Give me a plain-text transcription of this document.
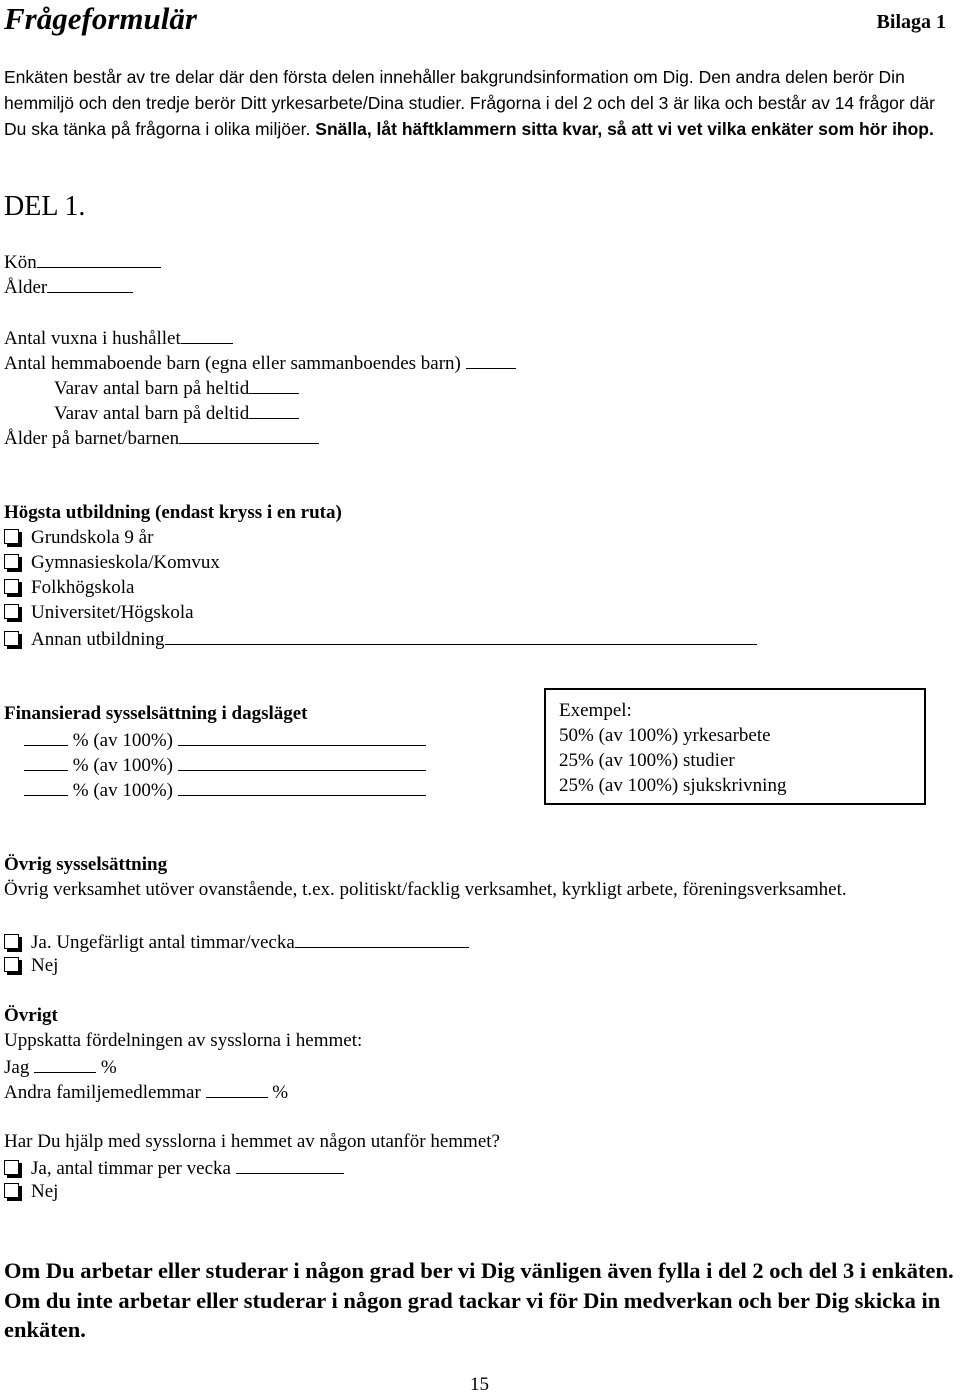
Frågeformulär	Bilaga 1
Enkäten består av tre delar där den första delen innehåller bakgrundsinformation om Dig. Den andra delen berör Din hemmiljö och den tredje berör Ditt yrkesarbete/Dina studier. Frågorna i del 2 och del 3 är lika och består av 14 frågor där Du ska tänka på frågorna i olika miljöer. Snälla, låt häftklammern sitta kvar, så att vi vet vilka enkäter som hör ihop.
DEL 1.
Kön
Ålder
Antal vuxna i hushållet
Antal hemmaboende barn (egna eller sammanboendes barn)
Varav antal barn på heltid
Varav antal barn på deltid
Ålder på barnet/barnen
Högsta utbildning (endast kryss i en ruta)
Grundskola 9 år
Gymnasieskola/Komvux
Folkhögskola
Universitet/Högskola
Annan utbildning
Finansierad sysselsättning i dagsläget
% (av 100%)
% (av 100%)
% (av 100%)
Exempel:
50% (av 100%) yrkesarbete
25% (av 100%) studier
25% (av 100%) sjukskrivning
Övrig sysselsättning
Övrig verksamhet utöver ovanstående, t.ex. politiskt/facklig verksamhet, kyrkligt arbete, föreningsverksamhet.
Ja. Ungefärligt antal timmar/vecka
Nej
Övrigt
Uppskatta fördelningen av sysslorna i hemmet:
Jag	%
Andra familjemedlemmar	%
Har Du hjälp med sysslorna i hemmet av någon utanför hemmet?
Ja, antal timmar per vecka
Nej
Om Du arbetar eller studerar i någon grad ber vi Dig vänligen även fylla i del 2 och del 3 i enkäten. Om du inte arbetar eller studerar i någon grad tackar vi för Din medverkan och ber Dig skicka in enkäten.
15
